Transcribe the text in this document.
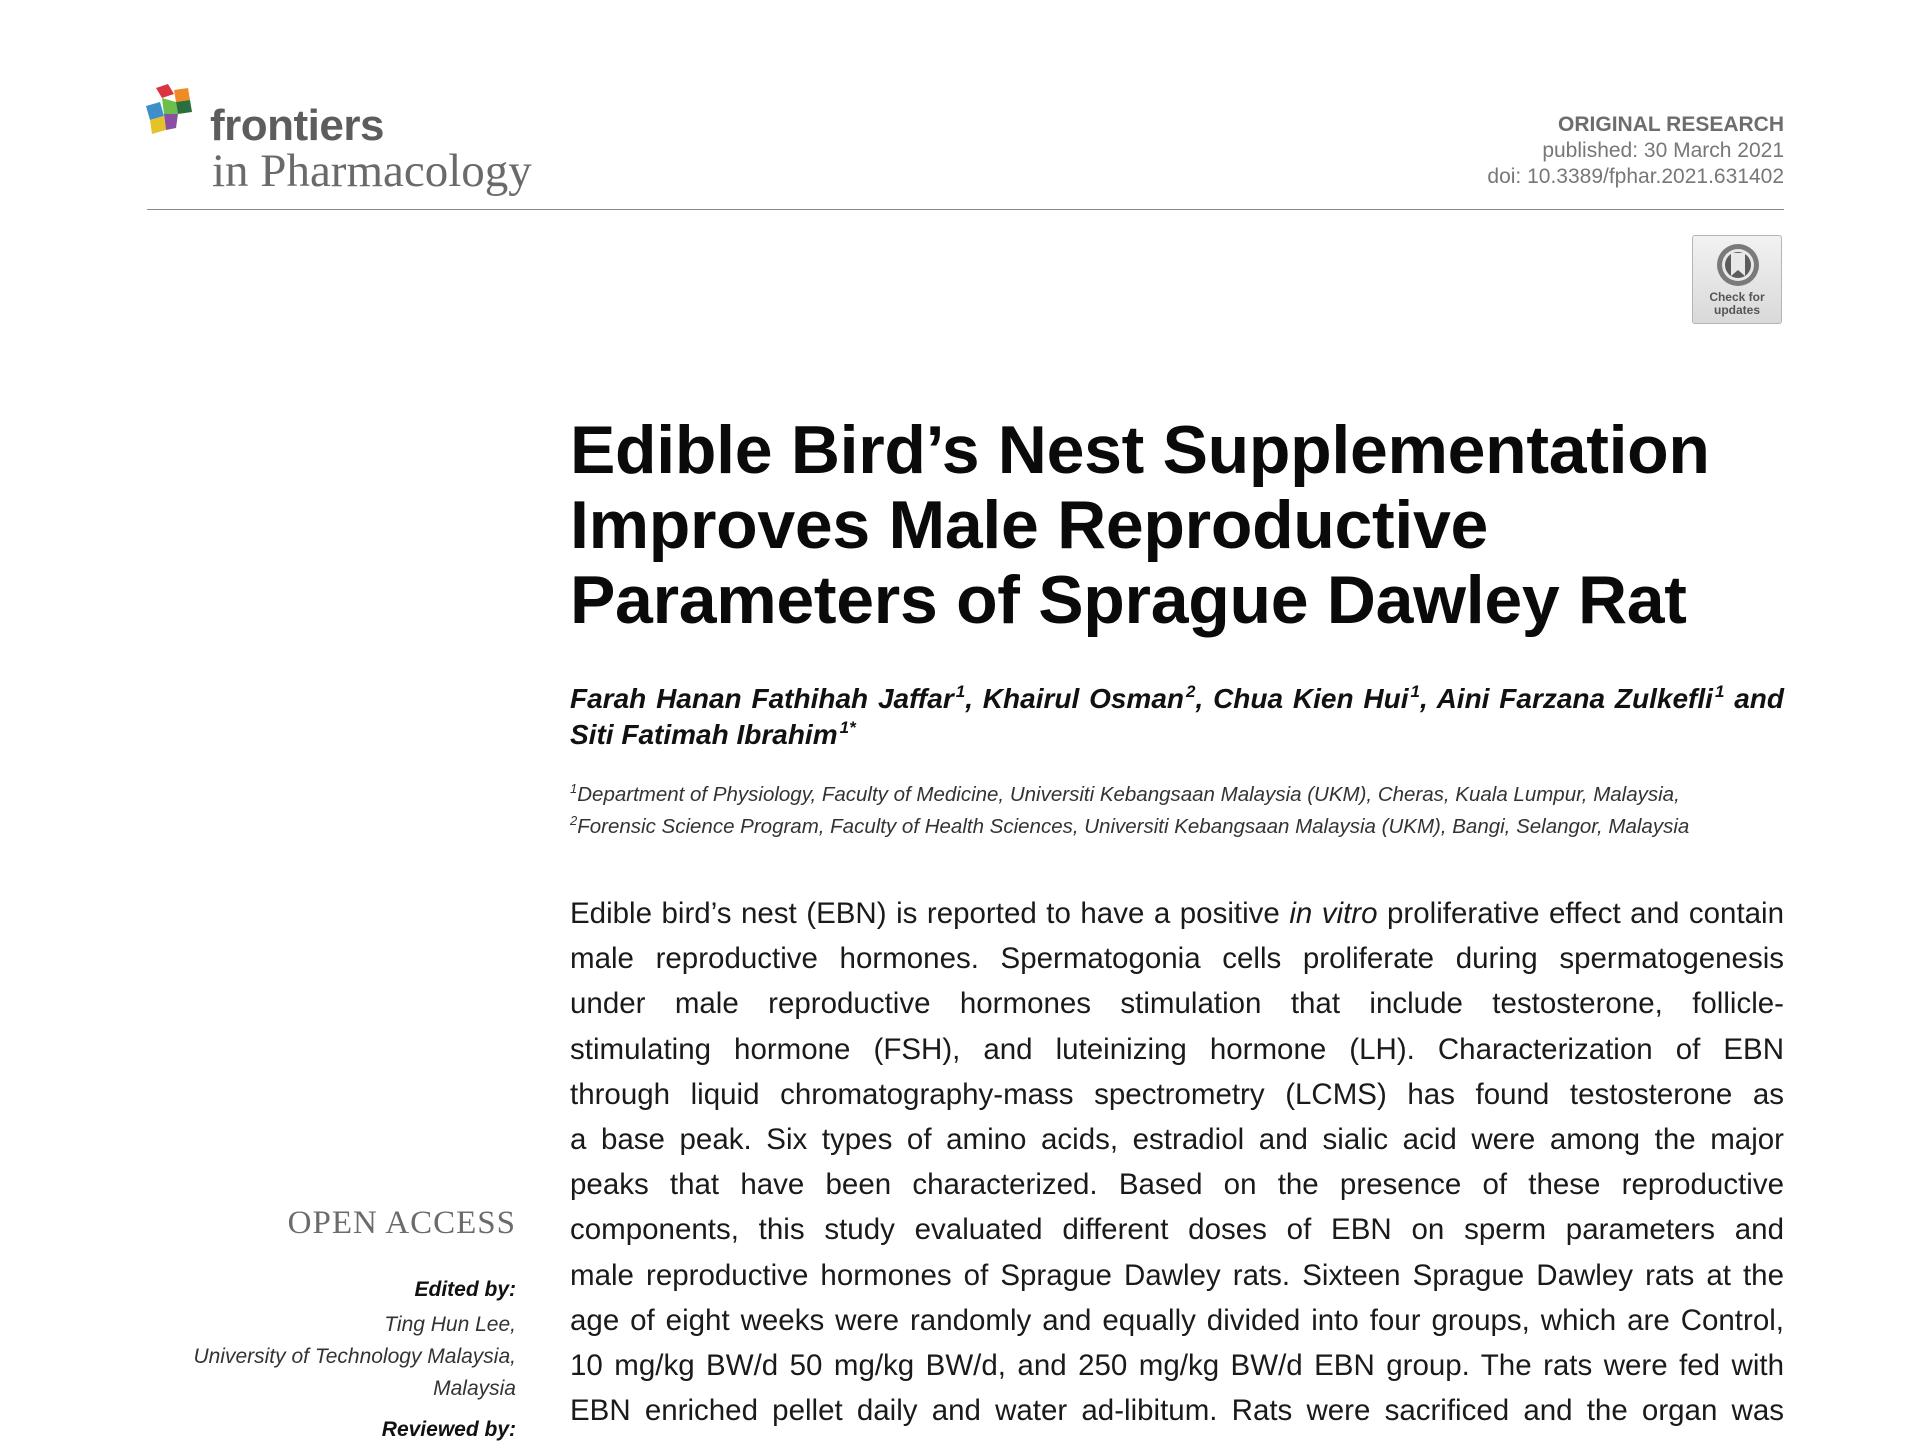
frontiers
in Pharmacology
ORIGINAL RESEARCH
published: 30 March 2021
doi: 10.3389/fphar.2021.631402
Check for
updates
Edible Bird’s Nest Supplementation
Improves Male Reproductive
Parameters of Sprague Dawley Rat
Farah Hanan Fathihah Jaffar $^1$, Khairul Osman $^2$, Chua Kien Hui $^1$, Aini Farzana Zulkefli $^1$ and
Siti Fatimah Ibrahim $^{1*}$
$^1$Department of Physiology, Faculty of Medicine, Universiti Kebangsaan Malaysia (UKM), Cheras, Kuala Lumpur, Malaysia,
$^2$Forensic Science Program, Faculty of Health Sciences, Universiti Kebangsaan Malaysia (UKM), Bangi, Selangor, Malaysia
Edible bird’s nest (EBN) is reported to have a positive in vitro proliferative effect and contain
male reproductive hormones. Spermatogonia cells proliferate during spermatogenesis
under male reproductive hormones stimulation that include testosterone, follicle-
stimulating hormone (FSH), and luteinizing hormone (LH). Characterization of EBN
through liquid chromatography-mass spectrometry (LCMS) has found testosterone as
a base peak. Six types of amino acids, estradiol and sialic acid were among the major
peaks that have been characterized. Based on the presence of these reproductive
components, this study evaluated different doses of EBN on sperm parameters and
male reproductive hormones of Sprague Dawley rats. Sixteen Sprague Dawley rats at the
age of eight weeks were randomly and equally divided into four groups, which are Control,
10 mg/kg BW/d 50 mg/kg BW/d, and 250 mg/kg BW/d EBN group. The rats were fed with
EBN enriched pellet daily and water ad-libitum. Rats were sacrificed and the organ was
OPEN ACCESS
Edited by:
Ting Hun Lee,
University of Technology Malaysia,
Malaysia
Reviewed by:
